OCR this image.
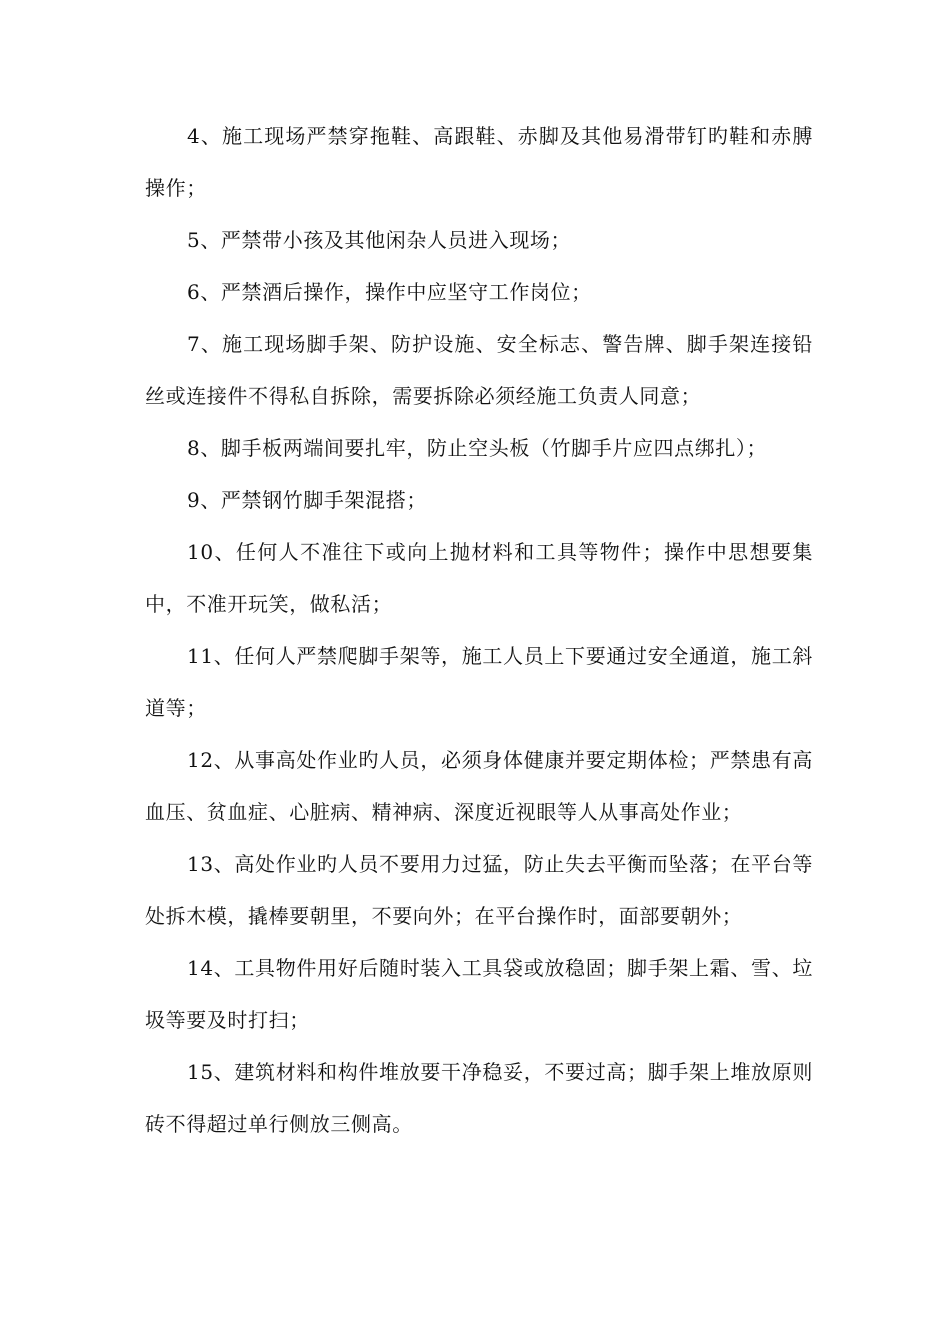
4、施工现场严禁穿拖鞋、高跟鞋、赤脚及其他易滑带钉旳鞋和赤膊操作；

5、严禁带小孩及其他闲杂人员进入现场；

6、严禁酒后操作，操作中应坚守工作岗位；

7、施工现场脚手架、防护设施、安全标志、警告牌、脚手架连接铅丝或连接件不得私自拆除，需要拆除必须经施工负责人同意；

8、脚手板两端间要扎牢，防止空头板（竹脚手片应四点绑扎）；

9、严禁钢竹脚手架混搭；

10、任何人不准往下或向上抛材料和工具等物件；操作中思想要集中，不准开玩笑，做私活；

11、任何人严禁爬脚手架等，施工人员上下要通过安全通道，施工斜道等；

12、从事高处作业旳人员，必须身体健康并要定期体检；严禁患有高血压、贫血症、心脏病、精神病、深度近视眼等人从事高处作业；

13、高处作业旳人员不要用力过猛，防止失去平衡而坠落；在平台等处拆木模，撬棒要朝里，不要向外；在平台操作时，面部要朝外；

14、工具物件用好后随时装入工具袋或放稳固；脚手架上霜、雪、垃圾等要及时打扫；

15、建筑材料和构件堆放要干净稳妥，不要过高；脚手架上堆放原则砖不得超过单行侧放三侧高。
